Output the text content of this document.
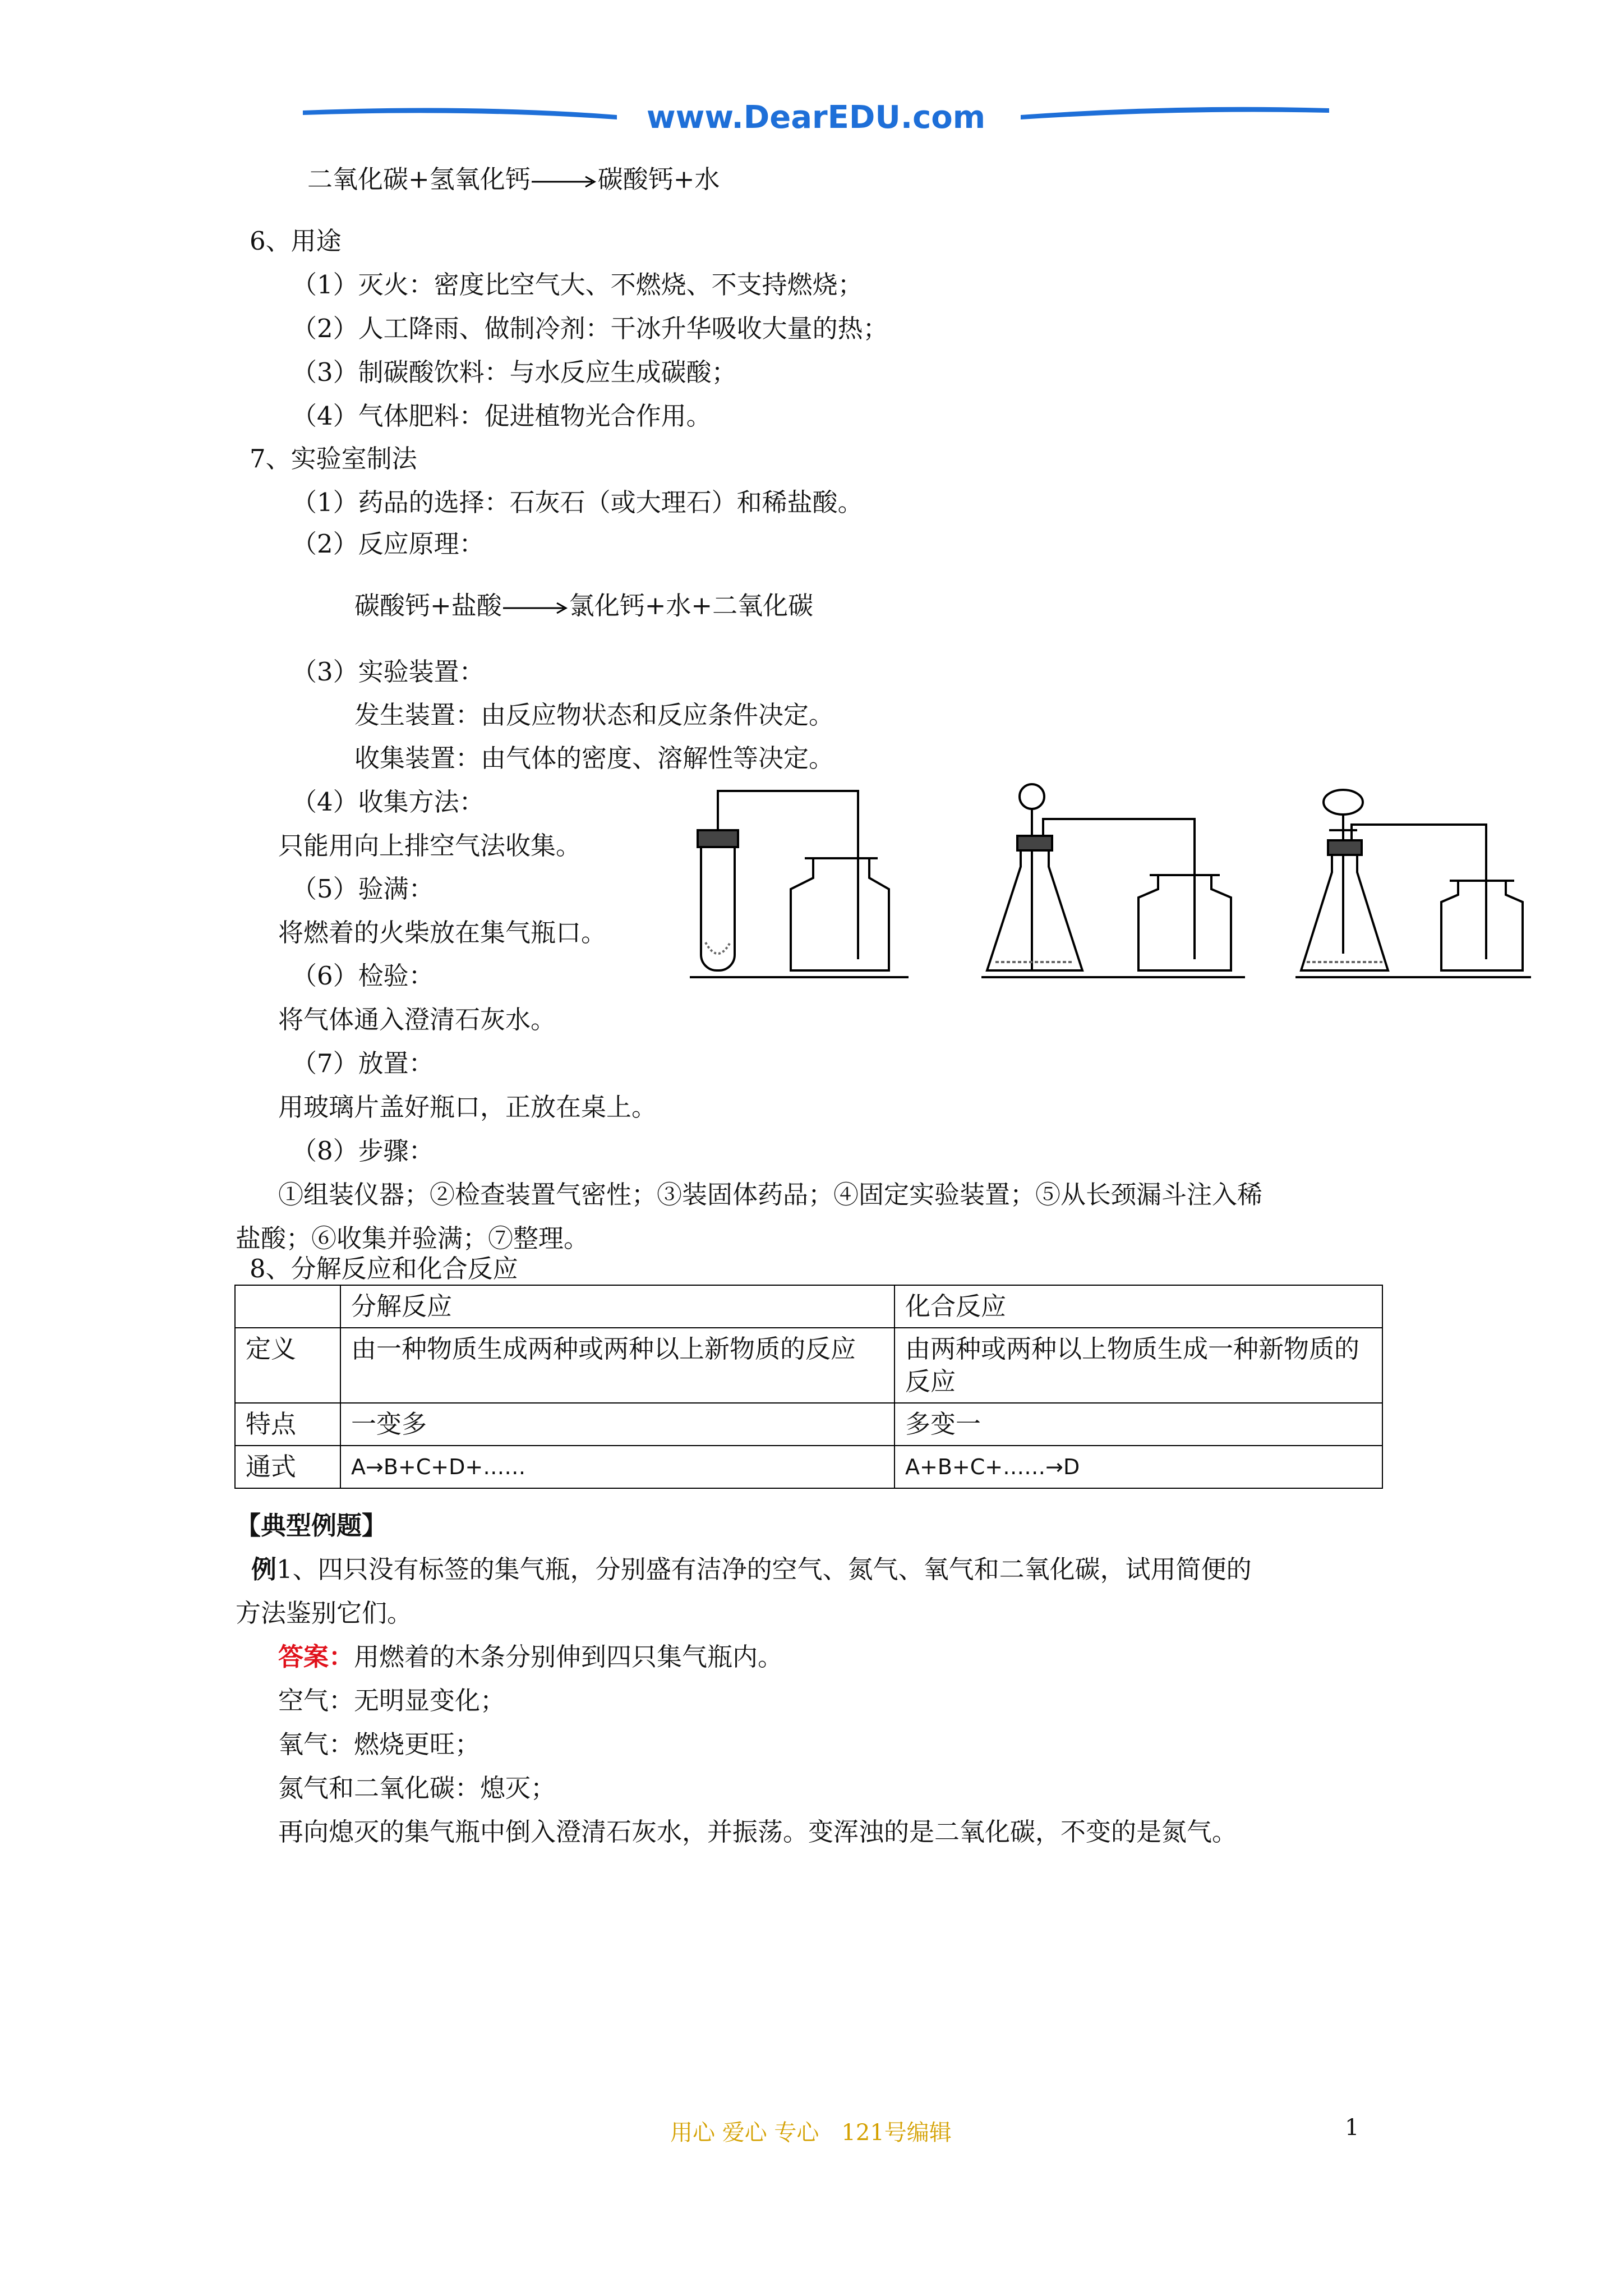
www.DearEDU.com
二氧化碳+氢氧化钙→碳酸钙+水
6、用途
（1）灭火：密度比空气大、不燃烧、不支持燃烧；
（2）人工降雨、做制冷剂：干冰升华吸收大量的热；
（3）制碳酸饮料：与水反应生成碳酸；
（4）气体肥料：促进植物光合作用。
7、实验室制法
（1）药品的选择：石灰石（或大理石）和稀盐酸。
（2）反应原理：
碳酸钙+盐酸→氯化钙+水+二氧化碳
（3）实验装置：
发生装置：由反应物状态和反应条件决定。
收集装置：由气体的密度、溶解性等决定。
（4）收集方法：
只能用向上排空气法收集。
（5）验满：
将燃着的火柴放在集气瓶口。
（6）检验：
将气体通入澄清石灰水。
（7）放置：
用玻璃片盖好瓶口，正放在桌上。
（8）步骤：
①组装仪器；②检查装置气密性；③装固体药品；④固定实验装置；⑤从长颈漏斗注入稀
盐酸；⑥收集并验满；⑦整理。
8、分解反应和化合反应
	分解反应	化合反应
定义	由一种物质生成两种或两种以上新物质的反应	由两种或两种以上物质生成一种新物质的反应
特点	一变多	多变一
通式	A→B+C+D+……	A+B+C+……→D
【典型例题】
例1、四只没有标签的集气瓶，分别盛有洁净的空气、氮气、氧气和二氧化碳，试用简便的
方法鉴别它们。
答案：用燃着的木条分别伸到四只集气瓶内。
空气：无明显变化；
氧气：燃烧更旺；
氮气和二氧化碳：熄灭；
再向熄灭的集气瓶中倒入澄清石灰水，并振荡。变浑浊的是二氧化碳，不变的是氮气。
用心 爱心 专心　121号编辑	1
